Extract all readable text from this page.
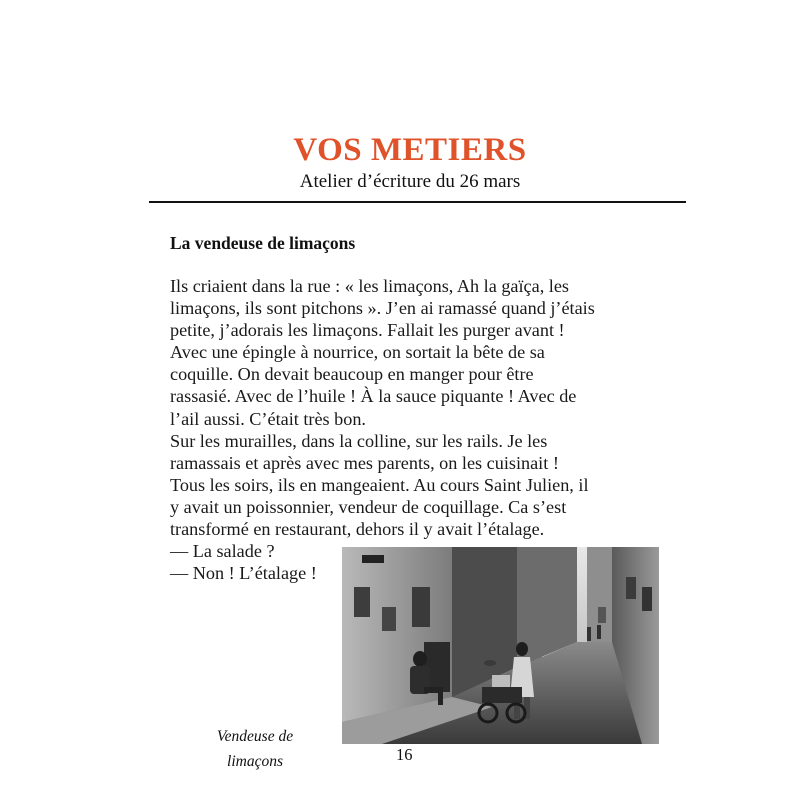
VOS METIERS
Atelier d’écriture du 26 mars
La vendeuse de limaçons
Ils criaient dans la rue : « les limaçons, Ah la gaïça, les
limaçons, ils sont pitchons ». J’en ai ramassé quand j’étais
petite, j’adorais les limaçons. Fallait les purger avant !
Avec une épingle à nourrice, on sortait la bête de sa
coquille. On devait beaucoup en manger pour être
rassasié. Avec de l’huile ! À la sauce piquante ! Avec de
l’ail aussi. C’était très bon.
Sur les murailles, dans la colline, sur les rails. Je les
ramassais et après avec mes parents, on les cuisinait !
Tous les soirs, ils en mangeaient. Au cours Saint Julien, il
y avait un poissonnier, vendeur de coquillage. Ca s’est
transformé en restaurant, dehors il y avait l’étalage.
— La salade ?
— Non ! L’étalage !
Vendeuse de
limaçons	16
